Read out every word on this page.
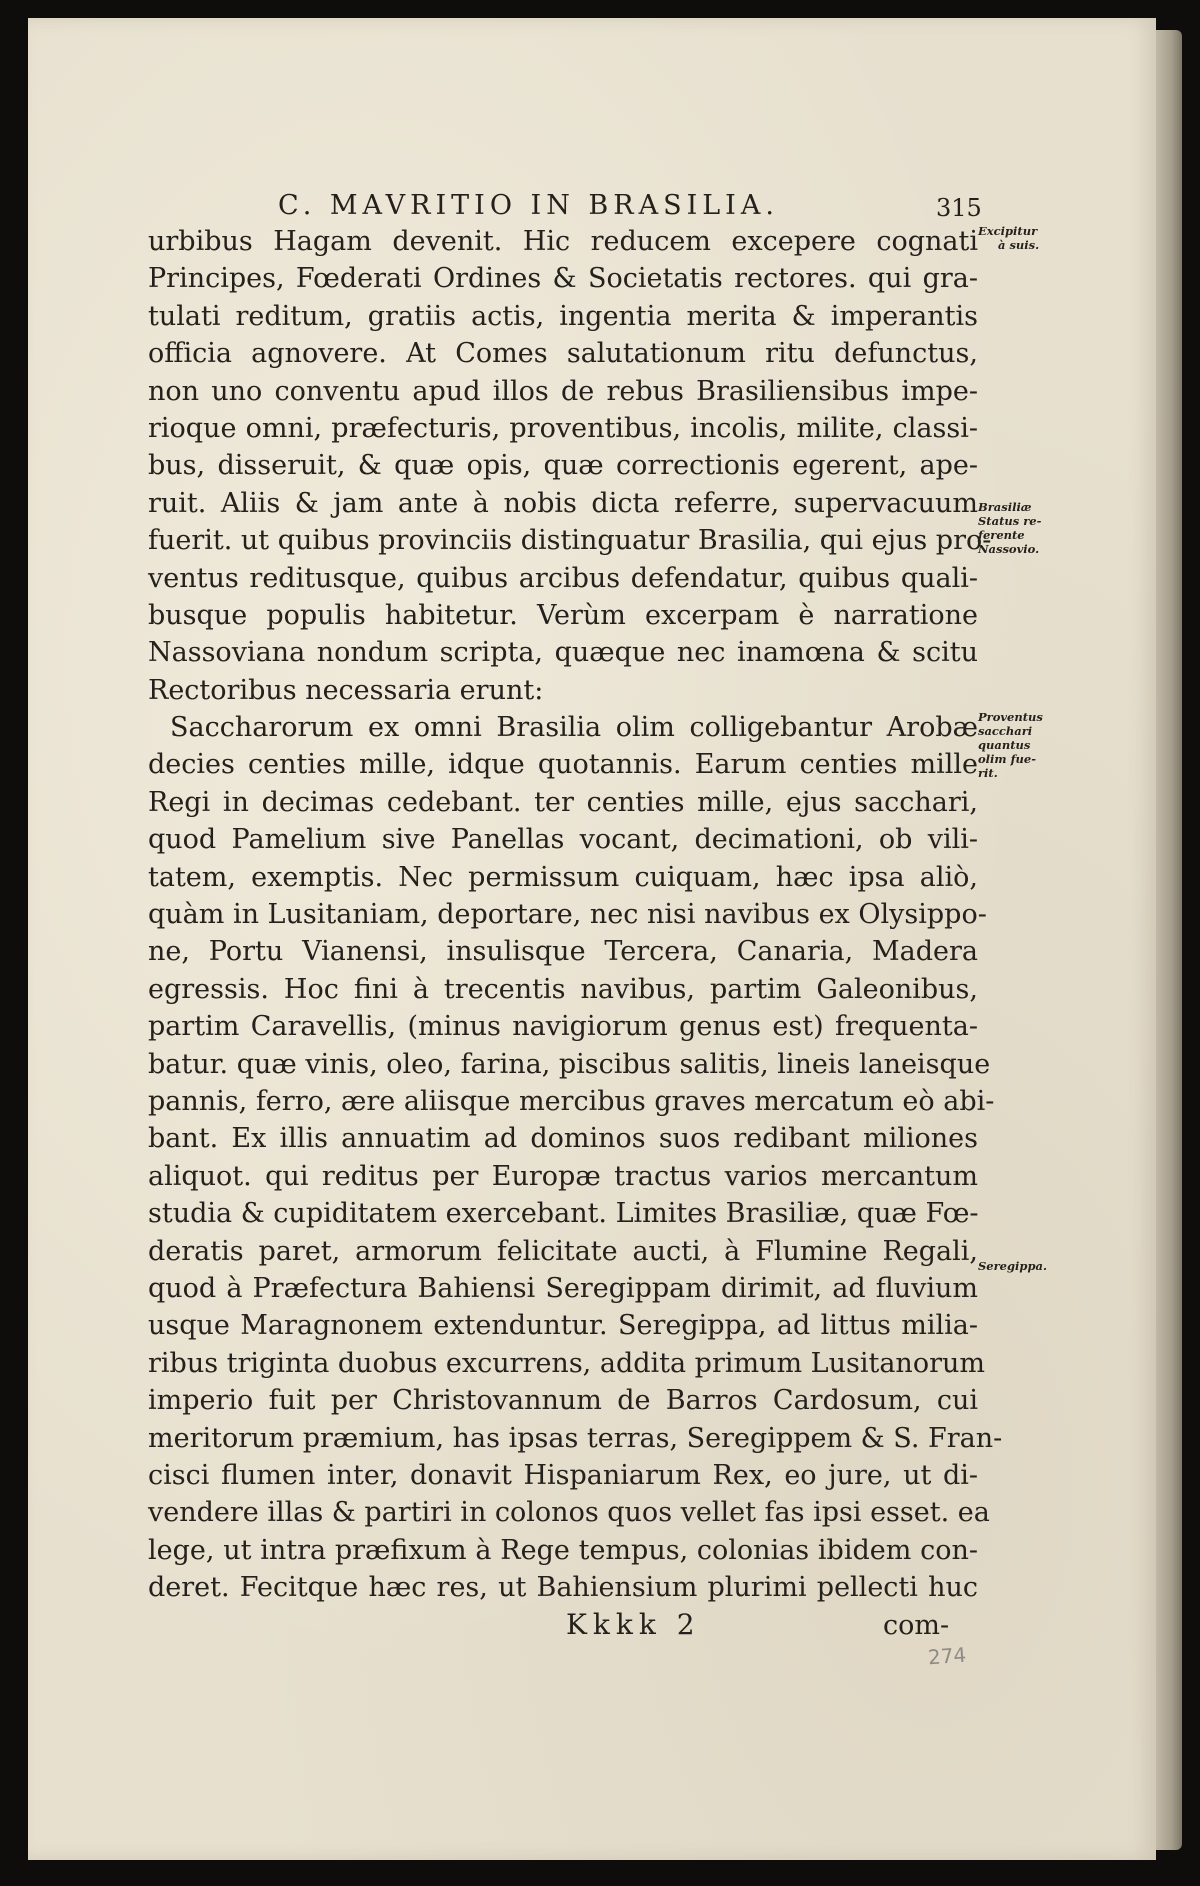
C. MAVRITIO IN BRASILIA.	315
urbibus Hagam devenit. Hic reducem excepere cognati
Principes, Fœderati Ordines & Societatis rectores. qui gra-
tulati reditum, gratiis actis, ingentia merita & imperantis
officia agnovere. At Comes salutationum ritu defunctus,
non uno conventu apud illos de rebus Brasiliensibus impe-
rioque omni, præfecturis, proventibus, incolis, milite, classi-
bus, disseruit, & quæ opis, quæ correctionis egerent, ape-
ruit. Aliis & jam ante à nobis dicta referre, supervacuum
fuerit. ut quibus provinciis distinguatur Brasilia, qui ejus pro-
ventus reditusque, quibus arcibus defendatur, quibus quali-
busque populis habitetur. Verùm excerpam è narratione
Nassoviana nondum scripta, quæque nec inamœna & scitu
Rectoribus necessaria erunt:
Saccharorum ex omni Brasilia olim colligebantur Arobæ
decies centies mille, idque quotannis. Earum centies mille
Regi in decimas cedebant. ter centies mille, ejus sacchari,
quod Pamelium sive Panellas vocant, decimationi, ob vili-
tatem, exemptis. Nec permissum cuiquam, hæc ipsa aliò,
quàm in Lusitaniam, deportare, nec nisi navibus ex Olysippo-
ne, Portu Vianensi, insulisque Tercera, Canaria, Madera
egressis. Hoc fini à trecentis navibus, partim Galeonibus,
partim Caravellis, (minus navigiorum genus est) frequenta-
batur. quæ vinis, oleo, farina, piscibus salitis, lineis laneisque
pannis, ferro, ære aliisque mercibus graves mercatum eò abi-
bant. Ex illis annuatim ad dominos suos redibant miliones
aliquot. qui reditus per Europæ tractus varios mercantum
studia & cupiditatem exercebant. Limites Brasiliæ, quæ Fœ-
deratis paret, armorum felicitate aucti, à Flumine Regali,
quod à Præfectura Bahiensi Seregippam dirimit, ad fluvium
usque Maragnonem extenduntur. Seregippa, ad littus milia-
ribus triginta duobus excurrens, addita primum Lusitanorum
imperio fuit per Christovannum de Barros Cardosum, cui
meritorum præmium, has ipsas terras, Seregippem & S. Fran-
cisci flumen inter, donavit Hispaniarum Rex, eo jure, ut di-
vendere illas & partiri in colonos quos vellet fas ipsi esset. ea
lege, ut intra præfixum à Rege tempus, colonias ibidem con-
deret. Fecitque hæc res, ut Bahiensium plurimi pellecti huc
Excipitur
à suis.
Brasiliæ
Status re-
ferente
Nassovio.
Proventus
sacchari
quantus
olim fue-
rit.
Seregippa.
Kkkk 2	com-
274
